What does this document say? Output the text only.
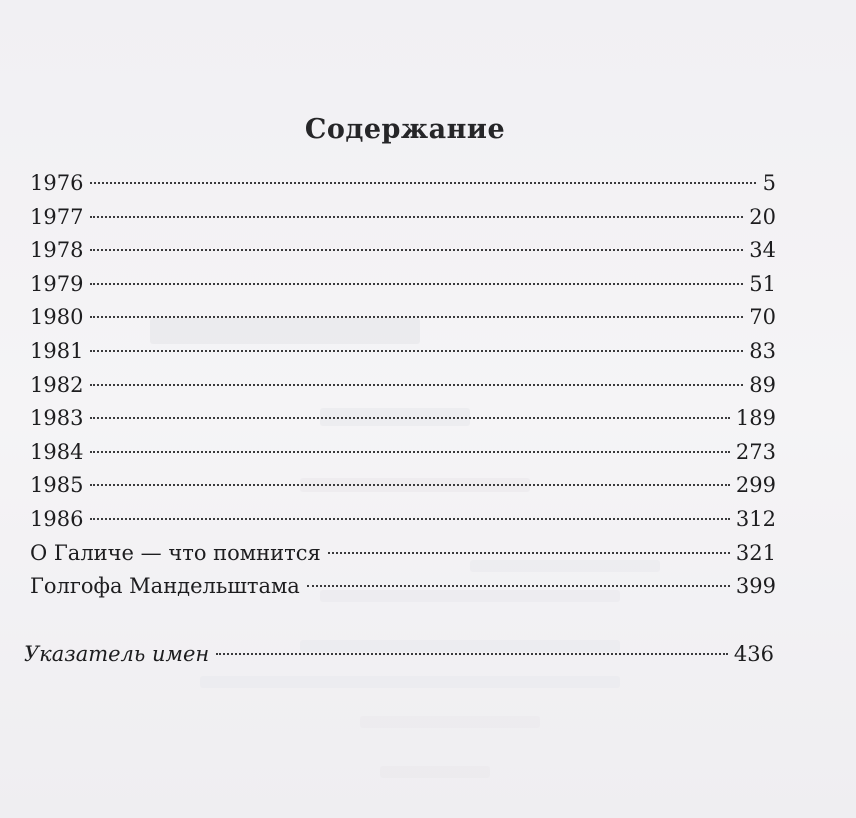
Содержание
1976	5
1977	20
1978	34
1979	51
1980	70
1981	83
1982	89
1983	189
1984	273
1985	299
1986	312
О Галиче — что помнится	321
Голгофа Мандельштама	399
Указатель имен	436
